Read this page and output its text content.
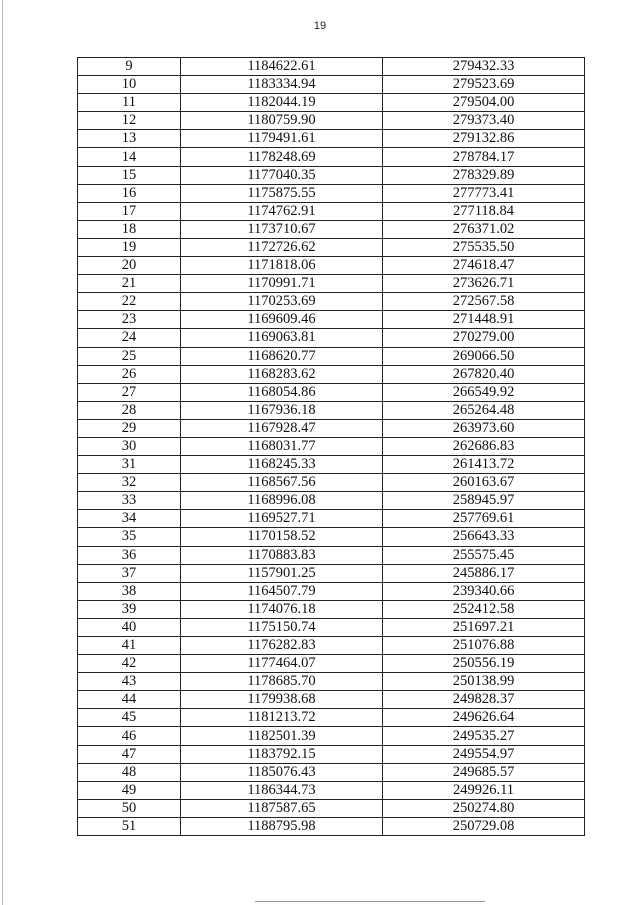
19
9	1184622.61	279432.33
10	1183334.94	279523.69
11	1182044.19	279504.00
12	1180759.90	279373.40
13	1179491.61	279132.86
14	1178248.69	278784.17
15	1177040.35	278329.89
16	1175875.55	277773.41
17	1174762.91	277118.84
18	1173710.67	276371.02
19	1172726.62	275535.50
20	1171818.06	274618.47
21	1170991.71	273626.71
22	1170253.69	272567.58
23	1169609.46	271448.91
24	1169063.81	270279.00
25	1168620.77	269066.50
26	1168283.62	267820.40
27	1168054.86	266549.92
28	1167936.18	265264.48
29	1167928.47	263973.60
30	1168031.77	262686.83
31	1168245.33	261413.72
32	1168567.56	260163.67
33	1168996.08	258945.97
34	1169527.71	257769.61
35	1170158.52	256643.33
36	1170883.83	255575.45
37	1157901.25	245886.17
38	1164507.79	239340.66
39	1174076.18	252412.58
40	1175150.74	251697.21
41	1176282.83	251076.88
42	1177464.07	250556.19
43	1178685.70	250138.99
44	1179938.68	249828.37
45	1181213.72	249626.64
46	1182501.39	249535.27
47	1183792.15	249554.97
48	1185076.43	249685.57
49	1186344.73	249926.11
50	1187587.65	250274.80
51	1188795.98	250729.08
